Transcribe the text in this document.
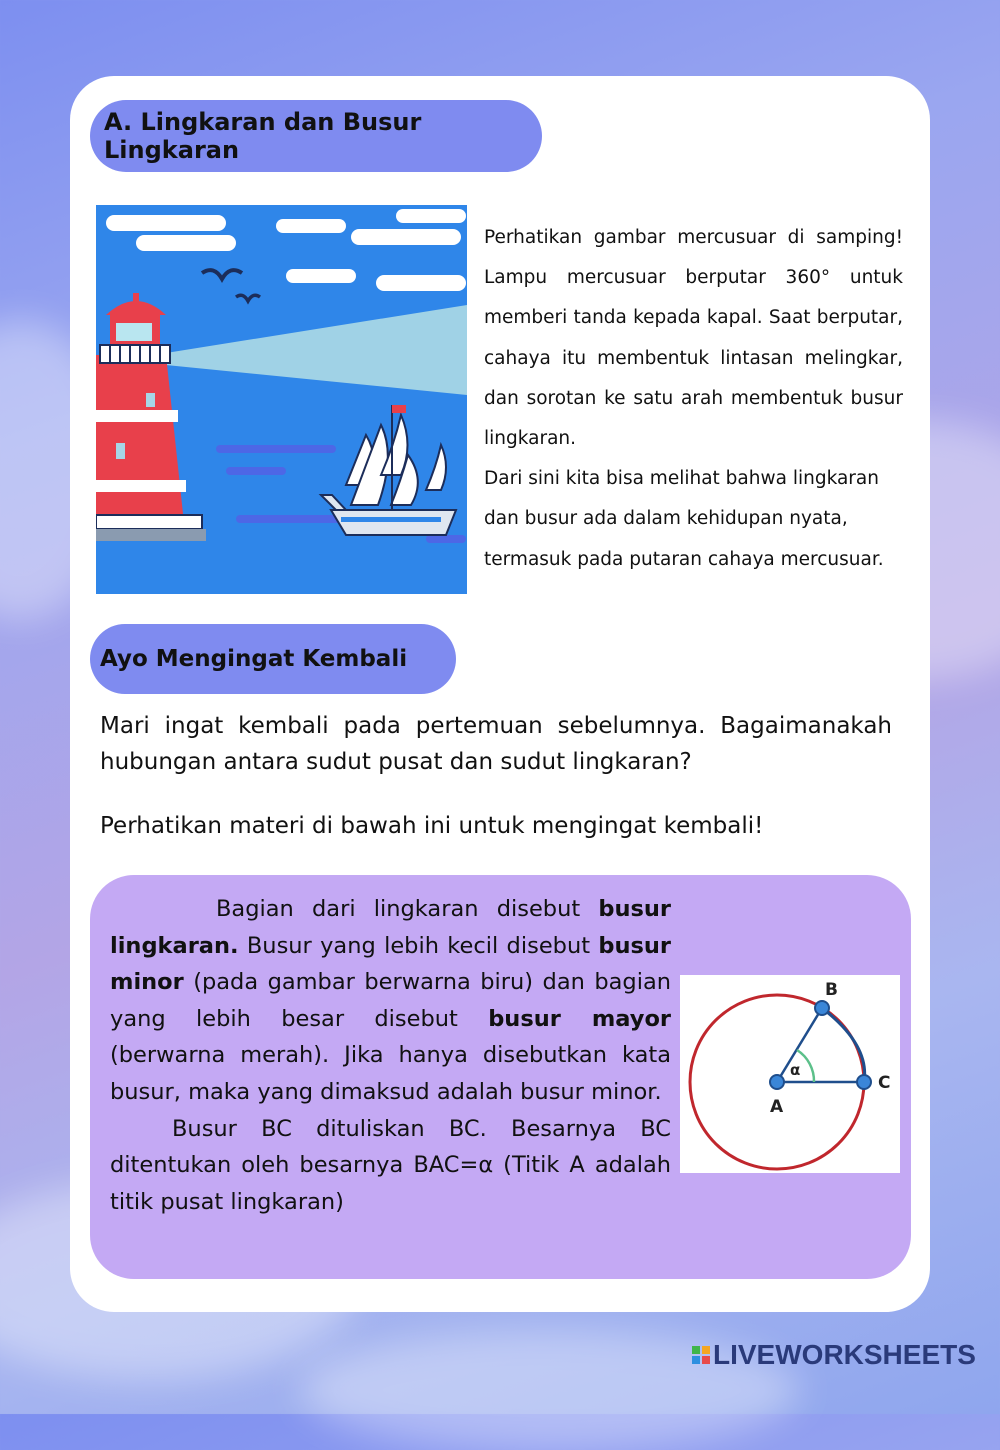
A. Lingkaran dan Busur Lingkaran

Perhatikan gambar mercusuar di samping! Lampu mercusuar berputar 360° untuk memberi tanda kepada kapal. Saat berputar, cahaya itu membentuk lintasan melingkar, dan sorotan ke satu arah membentuk busur lingkaran.

Dari sini kita bisa melihat bahwa lingkaran dan busur ada dalam kehidupan nyata, termasuk pada putaran cahaya mercusuar.

Ayo Mengingat Kembali
Mari ingat kembali pada pertemuan sebelumnya. Bagaimanakah hubungan antara sudut pusat dan sudut lingkaran?
Perhatikan materi di bawah ini untuk mengingat kembali!

Bagian dari lingkaran disebut busur lingkaran. Busur yang lebih kecil disebut busur minor (pada gambar berwarna biru) dan bagian yang lebih besar disebut busur mayor (berwarna merah). Jika hanya disebutkan kata busur, maka yang dimaksud adalah busur minor.

Busur BC dituliskan BC. Besarnya BC ditentukan oleh besarnya BAC=α (Titik A adalah titik pusat lingkaran)

A
B
C
α
LIVEWORKSHEETS
